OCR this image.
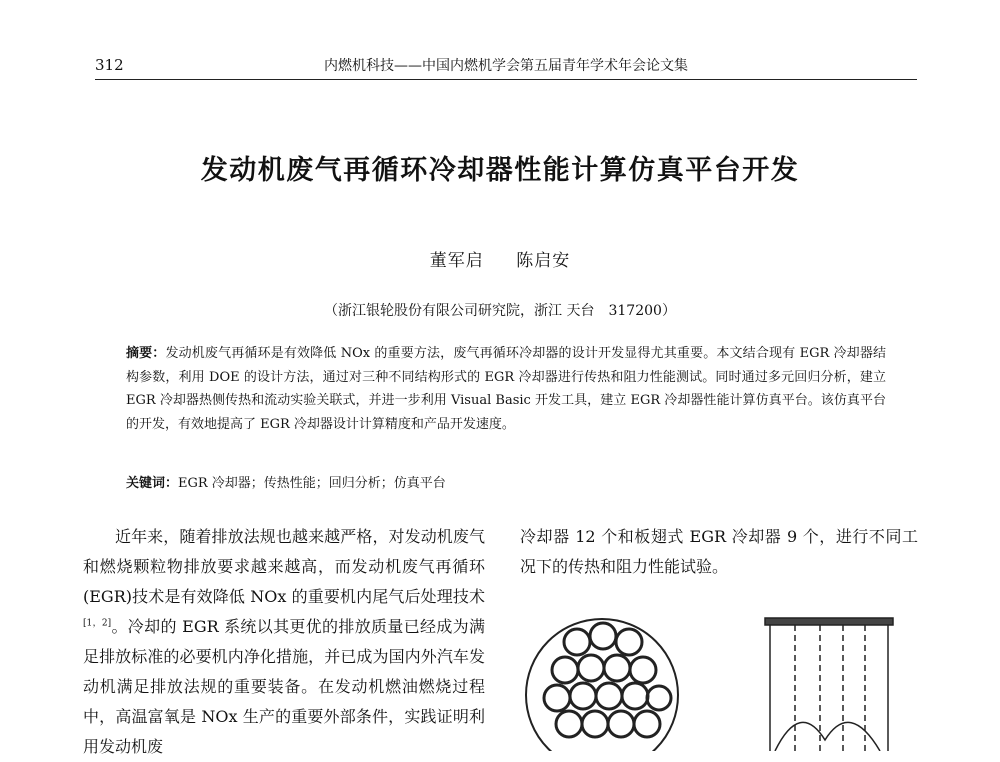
312	内燃机科技——中国内燃机学会第五届青年学术年会论文集
发动机废气再循环冷却器性能计算仿真平台开发
董军启 陈启安
（浙江银轮股份有限公司研究院，浙江 天台　317200）
摘要：发动机废气再循环是有效降低 NOx 的重要方法，废气再循环冷却器的设计开发显得尤其重要。本文结合现有 EGR 冷却器结构参数，利用 DOE 的设计方法，通过对三种不同结构形式的 EGR 冷却器进行传热和阻力性能测试。同时通过多元回归分析，建立 EGR 冷却器热侧传热和流动实验关联式，并进一步利用 Visual Basic 开发工具，建立 EGR 冷却器性能计算仿真平台。该仿真平台的开发，有效地提高了 EGR 冷却器设计计算精度和产品开发速度。
关键词：EGR 冷却器；传热性能；回归分析；仿真平台

近年来，随着排放法规也越来越严格，对发动机废气和燃烧颗粒物排放要求越来越高，而发动机废气再循环(EGR)技术是有效降低 NOx 的重要机内尾气后处理技术[1，2]。冷却的 EGR 系统以其更优的排放质量已经成为满足排放标准的必要机内净化措施，并已成为国内外汽车发动机满足排放法规的重要装备。在发动机燃油燃烧过程中，高温富氧是 NOx 生产的重要外部条件，实践证明利用发动机废

冷却器 12 个和板翅式 EGR 冷却器 9 个，进行不同工况下的传热和阻力性能试验。
